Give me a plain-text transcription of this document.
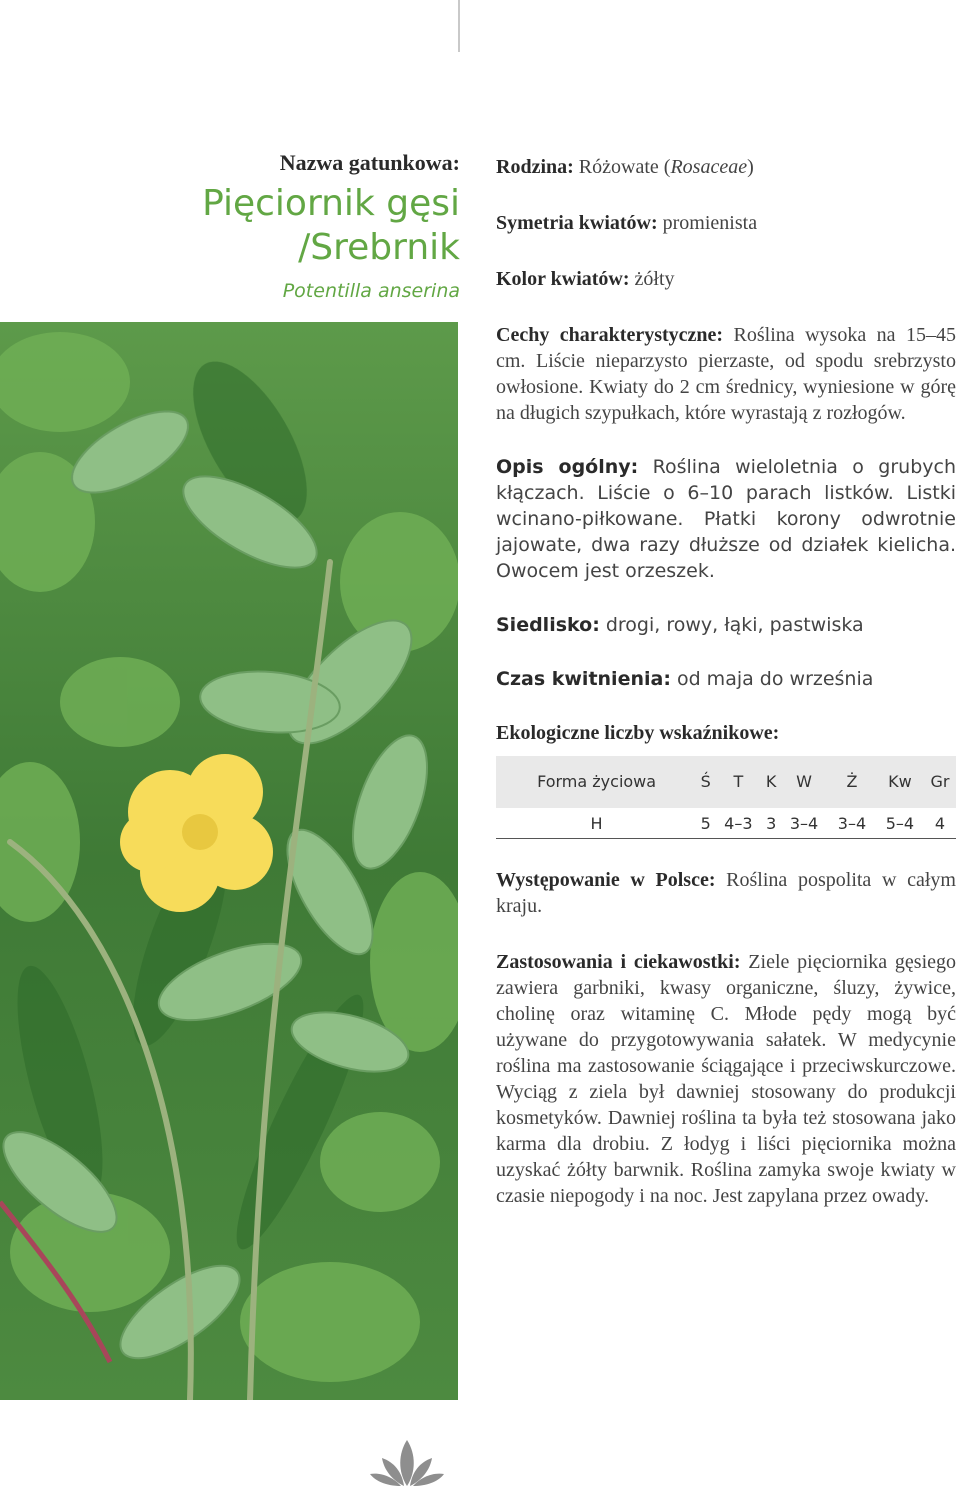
Nazwa gatunkowa:
Pięciornik gęsi
/Srebrnik
Potentilla anserina

Rodzina: Różowate (Rosaceae)

Symetria kwiatów: promienista

Kolor kwiatów: żółty

Cechy charakterystyczne: Roślina wysoka na 15–45 cm. Liście nieparzysto pierzaste, od spodu srebrzysto owłosione. Kwiaty do 2 cm średnicy, wyniesione w górę na długich szypułkach, które wyrastają z rozłogów.

Opis ogólny: Roślina wieloletnia o grubych kłączach. Liście o 6–10 parach listków. Listki wcinano-piłkowane. Płatki korony odwrotnie jajowate, dwa razy dłuższe od działek kielicha. Owocem jest orzeszek.

Siedlisko: drogi, rowy, łąki, pastwiska

Czas kwitnienia: od maja do września

Ekologiczne liczby wskaźnikowe:

Forma życiowa	Ś	T	K	W	Ż	Kw	Gr
H	5	4–3	3	3–4	3–4	5–4	4

Występowanie w Polsce: Roślina pospolita w całym kraju.

Zastosowania i ciekawostki: Ziele pięciornika gęsiego zawiera garbniki, kwasy organiczne, śluzy, żywice, cholinę oraz witaminę C. Młode pędy mogą być używane do przygotowywania sałatek. W medycynie roślina ma zastosowanie ściągające i przeciwskurczowe. Wyciąg z ziela był dawniej stosowany do produkcji kosmetyków. Dawniej roślina ta była też stosowana jako karma dla drobiu. Z łodyg i liści pięciornika można uzyskać żółty barwnik. Roślina zamyka swoje kwiaty w czasie niepogody i na noc. Jest zapylana przez owady.
